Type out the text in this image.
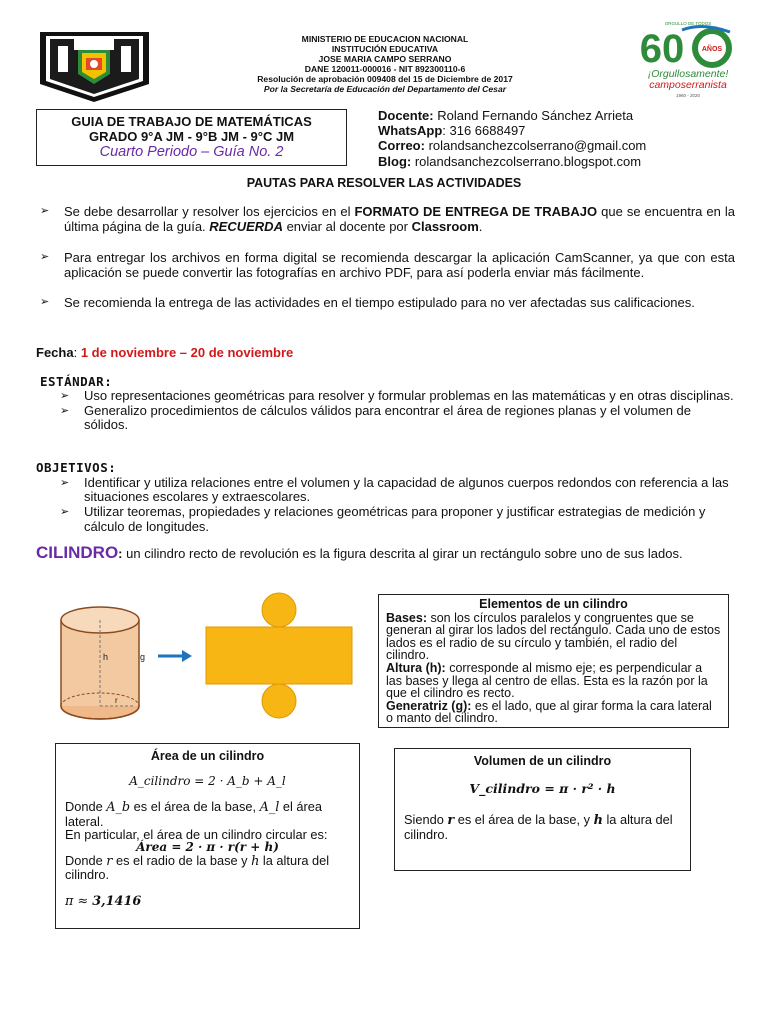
MINISTERIO DE EDUCACION NACIONAL
INSTITUCIÓN EDUCATIVA
JOSE MARIA CAMPO SERRANO
DANE 120011-000016 - NIT 892300110-6
Resolución de aprobación 009408 del 15 de Diciembre de 2017
Por la Secretaría de Educación del Departamento del Cesar
ORGULLO DE TODOS
60	AÑOS
¡Orgullosamente!
camposerranista
1960 - 2020
GUIA DE TRABAJO DE MATEMÁTICAS
GRADO 9°A JM - 9°B JM - 9°C JM
Cuarto Periodo – Guía No. 2
Docente: Roland Fernando Sánchez Arrieta
WhatsApp: 316 6688497
Correo: rolandsanchezcolserrano@gmail.com
Blog: rolandsanchezcolserrano.blogspot.com
PAUTAS PARA RESOLVER LAS ACTIVIDADES
➢ Se debe desarrollar y resolver los ejercicios en el FORMATO DE ENTREGA DE TRABAJO que se encuentra en la última página de la guía. RECUERDA enviar al docente por Classroom.
➢ Para entregar los archivos en forma digital se recomienda descargar la aplicación CamScanner, ya que con esta aplicación se puede convertir las fotografías en archivo PDF, para así poderla enviar más fácilmente.
➢ Se recomienda la entrega de las actividades en el tiempo estipulado para no ver afectadas sus calificaciones.
Fecha: 1 de noviembre – 20 de noviembre
ESTÁNDAR:
➢ Uso representaciones geométricas para resolver y formular problemas en las matemáticas y en otras disciplinas.
➢ Generalizo procedimientos de cálculos válidos para encontrar el área de regiones planas y el volumen de sólidos.
OBJETIVOS:
➢ Identificar y utiliza relaciones entre el volumen y la capacidad de algunos cuerpos redondos con referencia a las situaciones escolares y extraescolares.
➢ Utilizar teoremas, propiedades y relaciones geométricas para proponer y justificar estrategias de medición y cálculo de longitudes.
CILINDRO: un cilindro recto de revolución es la figura descrita al girar un rectángulo sobre uno de sus lados.
h	g
r
Elementos de un cilindro
Bases: son los círculos paralelos y congruentes que se generan al girar los lados del rectángulo. Cada uno de estos lados es el radio de su círculo y también, el radio del cilindro.
Altura (h): corresponde al mismo eje; es perpendicular a las bases y llega al centro de ellas. Esta es la razón por la que el cilindro es recto.
Generatriz (g): es el lado, que al girar forma la cara lateral o manto del cilindro.
Área de un cilindro
A_cilindro = 2 · A_b + A_l
Donde A_b es el área de la base, A_l el área lateral.
En particular, el área de un cilindro circular es:
Área = 2 · π · r(r + h)
Donde r es el radio de la base y h la altura del cilindro.
π ≈ 3,1416
Volumen de un cilindro
V_cilindro = π · r² · h
Siendo r es el área de la base, y h la altura del cilindro.
